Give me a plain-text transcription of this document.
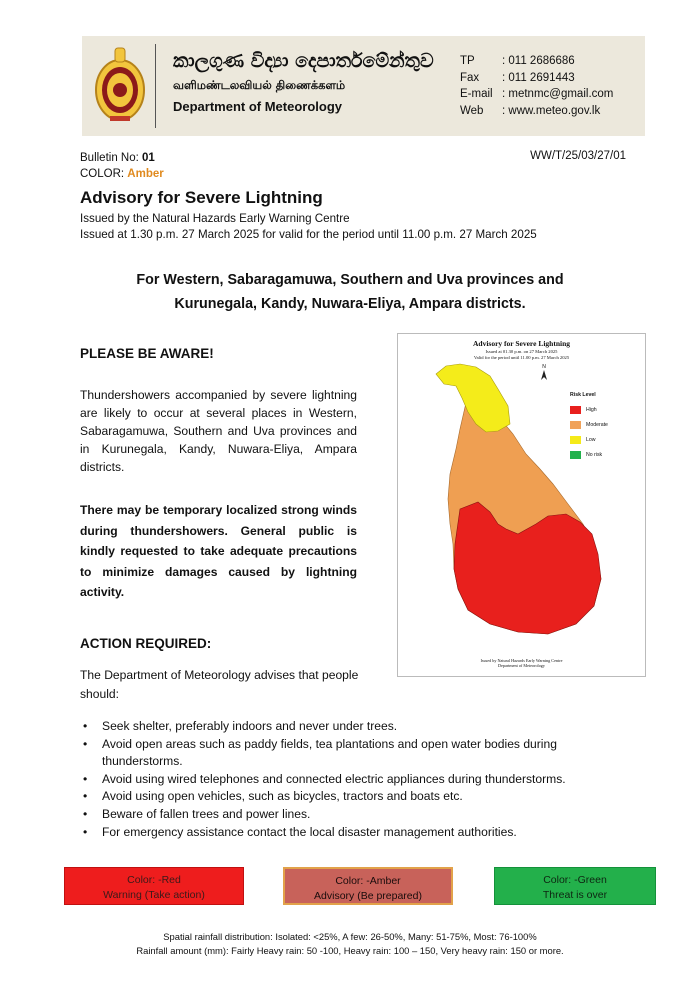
කාලගුණ විද්‍යා දෙපාර්තමේන්තුව
வளிமண்டலவியல் திணைக்களம்
Department of Meteorology
TP : 011 2686686
Fax : 011 2691443
E-mail : metnmc@gmail.com
Web : www.meteo.gov.lk
Bulletin No: 01
COLOR: Amber
WW/T/25/03/27/01
Advisory for Severe Lightning
Issued by the Natural Hazards Early Warning Centre
Issued at 1.30 p.m. 27 March 2025 for valid for the period until 11.00 p.m. 27 March 2025
For Western, Sabaragamuwa, Southern and Uva provinces and
Kurunegala, Kandy, Nuwara-Eliya, Ampara districts.
PLEASE BE AWARE!
Thundershowers accompanied by severe lightning are likely to occur at several places in Western, Sabaragamuwa, Southern and Uva provinces and in Kurunegala, Kandy, Nuwara-Eliya, Ampara districts.
There may be temporary localized strong winds during thundershowers. General public is kindly requested to take adequate precautions to minimize damages caused by lightning activity.
ACTION REQUIRED:
The Department of Meteorology advises that people should:
• Seek shelter, preferably indoors and never under trees.
• Avoid open areas such as paddy fields, tea plantations and open water bodies during thunderstorms.
• Avoid using wired telephones and connected electric appliances during thunderstorms.
• Avoid using open vehicles, such as bicycles, tractors and boats etc.
• Beware of fallen trees and power lines.
• For emergency assistance contact the local disaster management authorities.
Advisory for Severe Lightning
Issued at 01.30 p.m. on 27 March 2025
Valid for the period until 11.00 p.m. 27 March 2025
N
Risk Level
High
Moderate
Low
No risk
Issued by Natural Hazards Early Warning Centre
Department of Meteorology
Color: -Red
Warning (Take action)
Color: -Amber
Advisory (Be prepared)
Color: -Green
Threat is over
Spatial rainfall distribution: Isolated: <25%, A few: 26-50%, Many: 51-75%, Most: 76-100%
Rainfall amount (mm): Fairly Heavy rain: 50 -100, Heavy rain: 100 – 150, Very heavy rain: 150 or more.
